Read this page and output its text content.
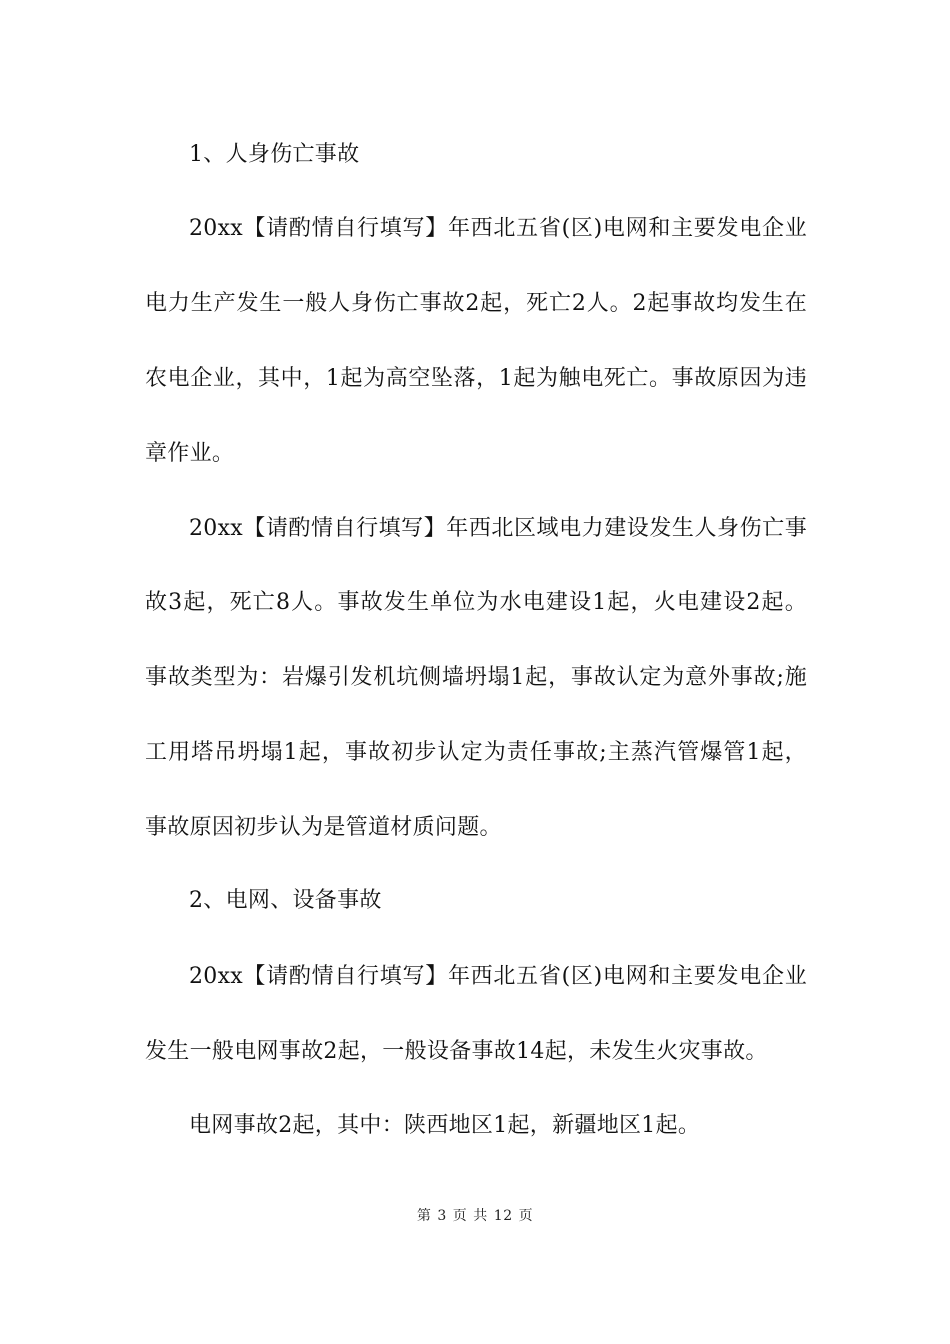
1、人身伤亡事故
20xx【请酌情自行填写】年西北五省(区)电网和主要发电企业
电力生产发生一般人身伤亡事故2起，死亡2人。2起事故均发生在
农电企业，其中，1起为高空坠落，1起为触电死亡。事故原因为违
章作业。
20xx【请酌情自行填写】年西北区域电力建设发生人身伤亡事
故3起，死亡8人。事故发生单位为水电建设1起，火电建设2起。
事故类型为：岩爆引发机坑侧墙坍塌1起，事故认定为意外事故;施
工用塔吊坍塌1起，事故初步认定为责任事故;主蒸汽管爆管1起，
事故原因初步认为是管道材质问题。
2、电网、设备事故
20xx【请酌情自行填写】年西北五省(区)电网和主要发电企业
发生一般电网事故2起，一般设备事故14起，未发生火灾事故。
电网事故2起，其中：陕西地区1起，新疆地区1起。
第 3 页 共 12 页
